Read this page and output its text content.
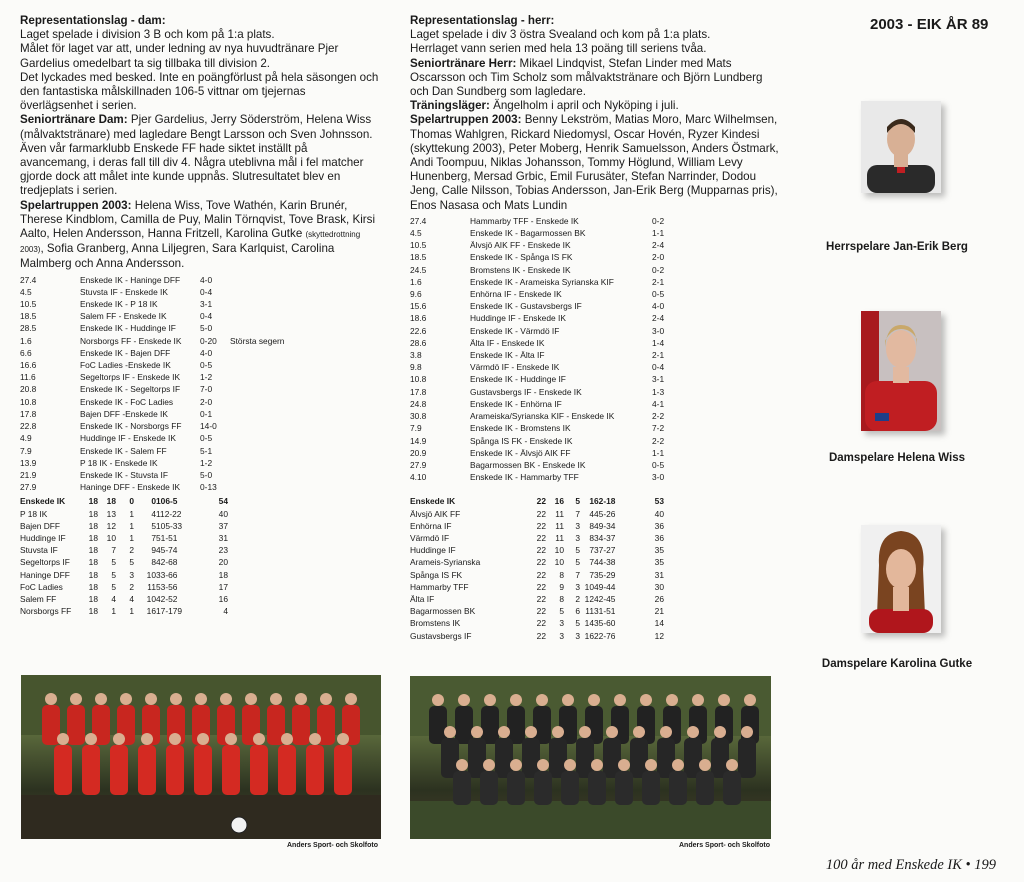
Representationslag - dam:

Laget spelade i division 3 B och kom på 1:a plats.

Målet för laget var att, under ledning av nya huvudtränare Pjer Gardelius omedelbart ta sig tillbaka till division 2.

Det lyckades med besked. Inte en poängförlust på hela säsongen och den fantastiska målskillnaden 106-5 vittnar om tjejernas överlägsenhet i serien.

Seniortränare Dam: Pjer Gardelius, Jerry Söderström, Helena Wiss (målvaktstränare) med lagledare Bengt Larsson och Sven Johnsson.

Även vår farmarklubb Enskede FF hade siktet inställt på avancemang, i deras fall till div 4. Några uteblivna mål i fel matcher gjorde dock att målet inte kunde uppnås. Slutresultatet blev en tredjeplats i serien.

Spelartruppen 2003: Helena Wiss, Tove Wathén, Karin Brunér, Therese Kindblom, Camilla de Puy, Malin Törnqvist, Tove Brask, Kirsi Aalto, Helen Andersson, Hanna Fritzell, Karolina Gutke (skyttedrottning 2003), Sofia Granberg, Anna Liljegren, Sara Karlquist, Carolina Malmberg och Anna Andersson.

27.4	Enskede IK - Haninge DFF	4-0	
4.5	Stuvsta IF - Enskede IK	0-4	
10.5	Enskede IK - P 18 IK	3-1	
18.5	Salem FF - Enskede IK	0-4	
28.5	Enskede IK - Huddinge IF	5-0	
1.6	Norsborgs FF - Enskede IK	0-20	Största segern
6.6	Enskede IK - Bajen DFF	4-0	
16.6	FoC Ladies -Enskede IK	0-5	
11.6	Segeltorps IF - Enskede IK	1-2	
20.8	Enskede IK - Segeltorps IF	7-0	
10.8	Enskede IK - FoC Ladies	2-0	
17.8	Bajen DFF -Enskede IK	0-1	
22.8	Enskede IK - Norsborgs FF	14-0	
4.9	Huddinge IF - Enskede IK	0-5	
7.9	Enskede IK - Salem FF	5-1	
13.9	P 18 IK - Enskede IK	1-2	
21.9	Enskede IK - Stuvsta IF	5-0	
27.9	Haninge DFF - Enskede IK	0-13	
Enskede IK	18	18	0	0	106-5	54
P 18 IK	18	13	1	4	112-22	40
Bajen DFF	18	12	1	5	105-33	37
Huddinge IF	18	10	1	7	51-51	31
Stuvsta IF	18	7	2	9	45-74	23
Segeltorps IF	18	5	5	8	42-68	20
Haninge DFF	18	5	3	10	33-66	18
FoC Ladies	18	5	2	11	53-56	17
Salem FF	18	4	4	10	42-52	16
Norsborgs FF	18	1	1	16	17-179	4

Representationslag - herr:

Laget spelade i div 3 östra Svealand och kom på 1:a plats.

Herrlaget vann serien med hela 13 poäng till seriens tvåa.

Seniortränare Herr: Mikael Lindqvist, Stefan Linder med Mats Oscarsson och Tim Scholz som målvaktstränare och Björn Lundberg och Dan Sundberg som lagledare.

Träningsläger: Ängelholm i april och Nyköping i juli.

Spelartruppen 2003: Benny Lekström, Matias Moro, Marc Wilhelmsen, Thomas Wahlgren, Rickard Niedomysl, Oscar Hovén, Ryzer Kindesi (skyttekung 2003), Peter Moberg, Henrik Samuelsson, Anders Östmark, Andi Toompuu, Niklas Johansson, Tommy Höglund, William Levy Hunenberg, Mersad Grbic, Emil Furusäter, Stefan Narrinder, Dodou Jeng, Calle Nilsson, Tobias Andersson, Jan-Erik Berg (Mupparnas pris), Enos Nasasa och Mats Lundin

27.4	Hammarby TFF - Enskede IK	0-2
4.5	Enskede IK - Bagarmossen BK	1-1
10.5	Älvsjö AIK FF - Enskede IK	2-4
18.5	Enskede IK - Spånga IS FK	2-0
24.5	Bromstens IK - Enskede IK	0-2
1.6	Enskede IK - Arameiska Syrianska KIF	2-1
9.6	Enhörna IF - Enskede IK	0-5
15.6	Enskede IK - Gustavsbergs IF	4-0
18.6	Huddinge IF - Enskede IK	2-4
22.6	Enskede IK - Värmdö IF	3-0
28.6	Älta IF - Enskede IK	1-4
3.8	Enskede IK - Älta IF	2-1
9.8	Värmdö IF - Enskede IK	0-4
10.8	Enskede IK - Huddinge IF	3-1
17.8	Gustavsbergs IF - Enskede IK	1-3
24.8	Enskede IK - Enhörna IF	4-1
30.8	Arameiska/Syrianska KIF - Enskede IK	2-2
7.9	Enskede IK - Bromstens IK	7-2
14.9	Spånga IS FK - Enskede IK	2-2
20.9	Enskede IK - Älvsjö AIK FF	1-1
27.9	Bagarmossen BK - Enskede IK	0-5
4.10	Enskede IK - Hammarby TFF	3-0
Enskede IK	22	16	5	1	62-18	53
Älvsjö AIK FF	22	11	7	4	45-26	40
Enhörna IF	22	11	3	8	49-34	36
Värmdö IF	22	11	3	8	34-37	36
Huddinge IF	22	10	5	7	37-27	35
Arameis-Syrianska	22	10	5	7	44-38	35
Spånga IS FK	22	8	7	7	35-29	31
Hammarby TFF	22	9	3	10	49-44	30
Älta IF	22	8	2	12	42-45	26
Bagarmossen BK	22	5	6	11	31-51	21
Bromstens IK	22	3	5	14	35-60	14
Gustavsbergs IF	22	3	3	16	22-76	12
Anders Sport- och Skolfoto	Anders Sport- och Skolfoto
2003 - EIK ÅR 89
Herrspelare Jan-Erik Berg
Damspelare Helena Wiss
Damspelare Karolina Gutke
100 år med Enskede IK • 199
